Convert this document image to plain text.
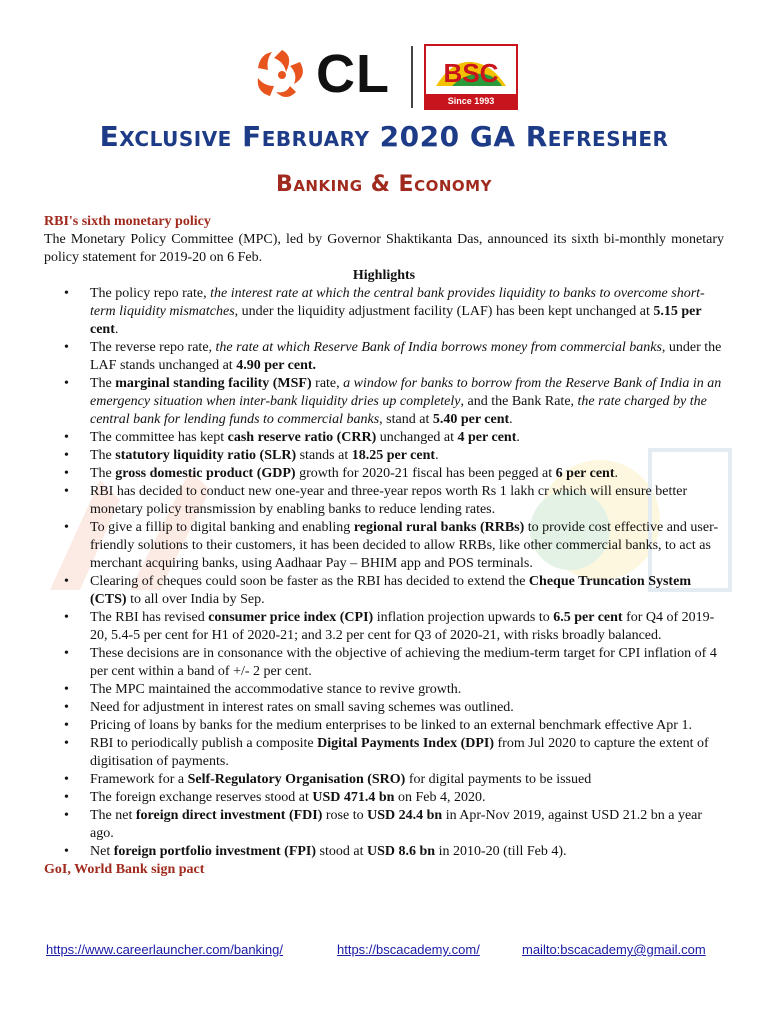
CL BSC
Since 1993
Exclusive February 2020 GA Refresher
Banking & Economy
RBI's sixth monetary policy
The Monetary Policy Committee (MPC), led by Governor Shaktikanta Das, announced its sixth bi-monthly monetary policy statement for 2019-20 on 6 Feb.
Highlights
• The policy repo rate, the interest rate at which the central bank provides liquidity to banks to overcome short-term liquidity mismatches, under the liquidity adjustment facility (LAF) has been kept unchanged at 5.15 per cent.
• The reverse repo rate, the rate at which Reserve Bank of India borrows money from commercial banks, under the LAF stands unchanged at 4.90 per cent.
• The marginal standing facility (MSF) rate, a window for banks to borrow from the Reserve Bank of India in an emergency situation when inter-bank liquidity dries up completely, and the Bank Rate, the rate charged by the central bank for lending funds to commercial banks, stand at 5.40 per cent.
• The committee has kept cash reserve ratio (CRR) unchanged at 4 per cent.
• The statutory liquidity ratio (SLR) stands at 18.25 per cent.
• The gross domestic product (GDP) growth for 2020-21 fiscal has been pegged at 6 per cent.
• RBI has decided to conduct new one-year and three-year repos worth Rs 1 lakh cr which will ensure better monetary policy transmission by enabling banks to reduce lending rates.
• To give a fillip to digital banking and enabling regional rural banks (RRBs) to provide cost effective and user-friendly solutions to their customers, it has been decided to allow RRBs, like other commercial banks, to act as merchant acquiring banks, using Aadhaar Pay – BHIM app and POS terminals.
• Clearing of cheques could soon be faster as the RBI has decided to extend the Cheque Truncation System (CTS) to all over India by Sep.
• The RBI has revised consumer price index (CPI) inflation projection upwards to 6.5 per cent for Q4 of 2019-20, 5.4-5 per cent for H1 of 2020-21; and 3.2 per cent for Q3 of 2020-21, with risks broadly balanced.
• These decisions are in consonance with the objective of achieving the medium-term target for CPI inflation of 4 per cent within a band of +/- 2 per cent.
• The MPC maintained the accommodative stance to revive growth.
• Need for adjustment in interest rates on small saving schemes was outlined.
• Pricing of loans by banks for the medium enterprises to be linked to an external benchmark effective Apr 1.
• RBI to periodically publish a composite Digital Payments Index (DPI) from Jul 2020 to capture the extent of digitisation of payments.
• Framework for a Self-Regulatory Organisation (SRO) for digital payments to be issued
• The foreign exchange reserves stood at USD 471.4 bn on Feb 4, 2020.
• The net foreign direct investment (FDI) rose to USD 24.4 bn in Apr-Nov 2019, against USD 21.2 bn a year ago.
• Net foreign portfolio investment (FPI) stood at USD 8.6 bn in 2010-20 (till Feb 4).
GoI, World Bank sign pact
https://www.careerlauncher.com/banking/	https://bscacademy.com/	mailto:bscacademy@gmail.com
